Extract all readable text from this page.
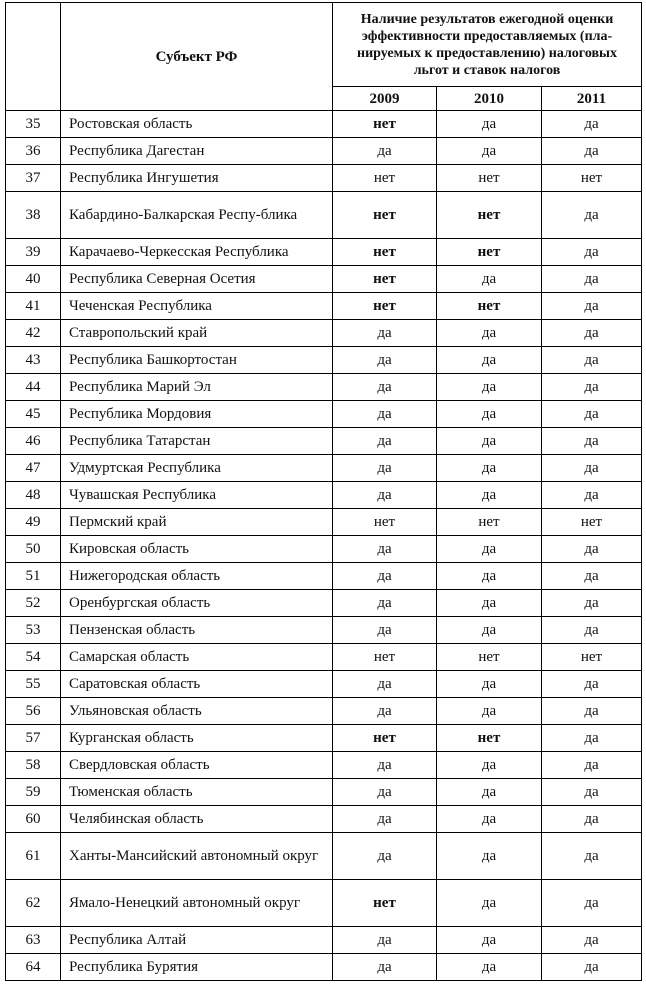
	Субъект РФ	Наличие результатов ежегодной оценки эффективности предоставляемых (пла-нируемых к предоставлению) налоговых льгот и ставок налогов		
		2009	2010	2011
35	Ростовская область	нет	да	да
36	Республика Дагестан	да	да	да
37	Республика Ингушетия	нет	нет	нет
38	Кабардино-Балкарская Респу-блика	нет	нет	да
39	Карачаево-Черкесская Республика	нет	нет	да
40	Республика Северная Осетия	нет	да	да
41	Чеченская Республика	нет	нет	да
42	Ставропольский край	да	да	да
43	Республика Башкортостан	да	да	да
44	Республика Марий Эл	да	да	да
45	Республика Мордовия	да	да	да
46	Республика Татарстан	да	да	да
47	Удмуртская Республика	да	да	да
48	Чувашская Республика	да	да	да
49	Пермский край	нет	нет	нет
50	Кировская область	да	да	да
51	Нижегородская область	да	да	да
52	Оренбургская область	да	да	да
53	Пензенская область	да	да	да
54	Самарская область	нет	нет	нет
55	Саратовская область	да	да	да
56	Ульяновская область	да	да	да
57	Курганская область	нет	нет	да
58	Свердловская область	да	да	да
59	Тюменская область	да	да	да
60	Челябинская область	да	да	да
61	Ханты-Мансийский автономный округ	да	да	да
62	Ямало-Ненецкий автономный округ	нет	да	да
63	Республика Алтай	да	да	да
64	Республика Бурятия	да	да	да
